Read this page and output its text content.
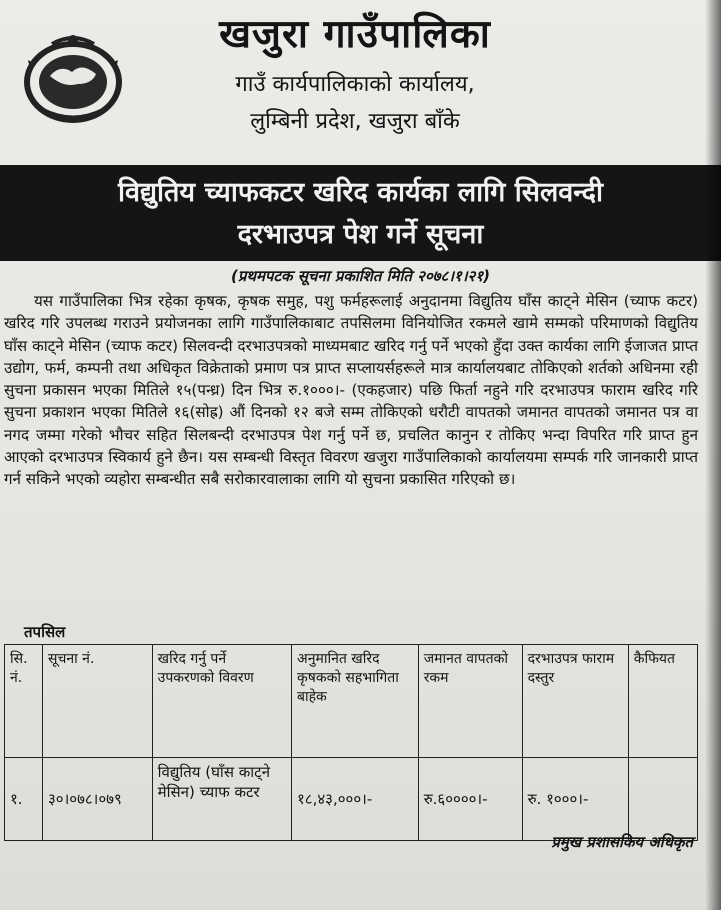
खजुरा गाउँपालिका
गाउँ कार्यपालिकाको कार्यालय,
लुम्बिनी प्रदेश, खजुरा बाँके
विद्युतिय च्याफकटर खरिद कार्यका लागि सिलवन्दी
दरभाउपत्र पेश गर्ने सूचना
(प्रथमपटक सूचना प्रकाशित मिति २०७८।१।२१)
यस गाउँपालिका भित्र रहेका कृषक, कृषक समुह, पशु फर्महरूलाई अनुदानमा विद्युतिय घाँस काट्ने मेसिन (च्याफ कटर) खरिद गरि उपलब्ध गराउने प्रयोजनका लागि गाउँपालिकाबाट तपसिलमा विनियोजित रकमले खामे सम्मको परिमाणको विद्युतिय घाँस काट्ने मेसिन (च्याफ कटर) सिलवन्दी दरभाउपत्रको माध्यमबाट खरिद गर्नु पर्ने भएको हुँदा उक्त कार्यका लागि ईजाजत प्राप्त उद्योग, फर्म, कम्पनी तथा अधिकृत विक्रेताको प्रमाण पत्र प्राप्त सप्लायर्सहरूले मात्र कार्यालयबाट तोकिएको शर्तको अधिनमा रही सुचना प्रकासन भएका मितिले १५(पन्ध्र) दिन भित्र रु.१०००।- (एकहजार) पछि फिर्ता नहुने गरि दरभाउपत्र फाराम खरिद गरि सुचना प्रकाशन भएका मितिले १६(सोह्र) औं दिनको १२ बजे सम्म तोकिएको धरौटी वापतको जमानत वापतको जमानत पत्र वा नगद जम्मा गरेको भौचर सहित सिलबन्दी दरभाउपत्र पेश गर्नु पर्ने छ, प्रचलित कानुन र तोकिए भन्दा विपरित गरि प्राप्त हुन आएको दरभाउपत्र स्विकार्य हुने छैन। यस सम्बन्धी विस्तृत विवरण खजुरा गाउँपालिकाको कार्यालयमा सम्पर्क गरि जानकारी प्राप्त गर्न सकिने भएको व्यहोरा सम्बन्धीत सबै सरोकारवालाका लागि यो सुचना प्रकासित गरिएको छ।
तपसिल
सि. नं.	सूचना नं.	खरिद गर्नु पर्ने उपकरणको विवरण	अनुमानित खरिद कृषकको सहभागिता बाहेक	जमानत वापतको रकम	दरभाउपत्र फाराम दस्तुर	कैफियत
१.	३०।०७८।०७९	विद्युतिय (घाँस काट्ने मेसिन) च्याफ कटर	१८,४३,०००।-	रु.६००००।-	रु. १०००।-	
प्रमुख प्रशासकिय अधिकृत
